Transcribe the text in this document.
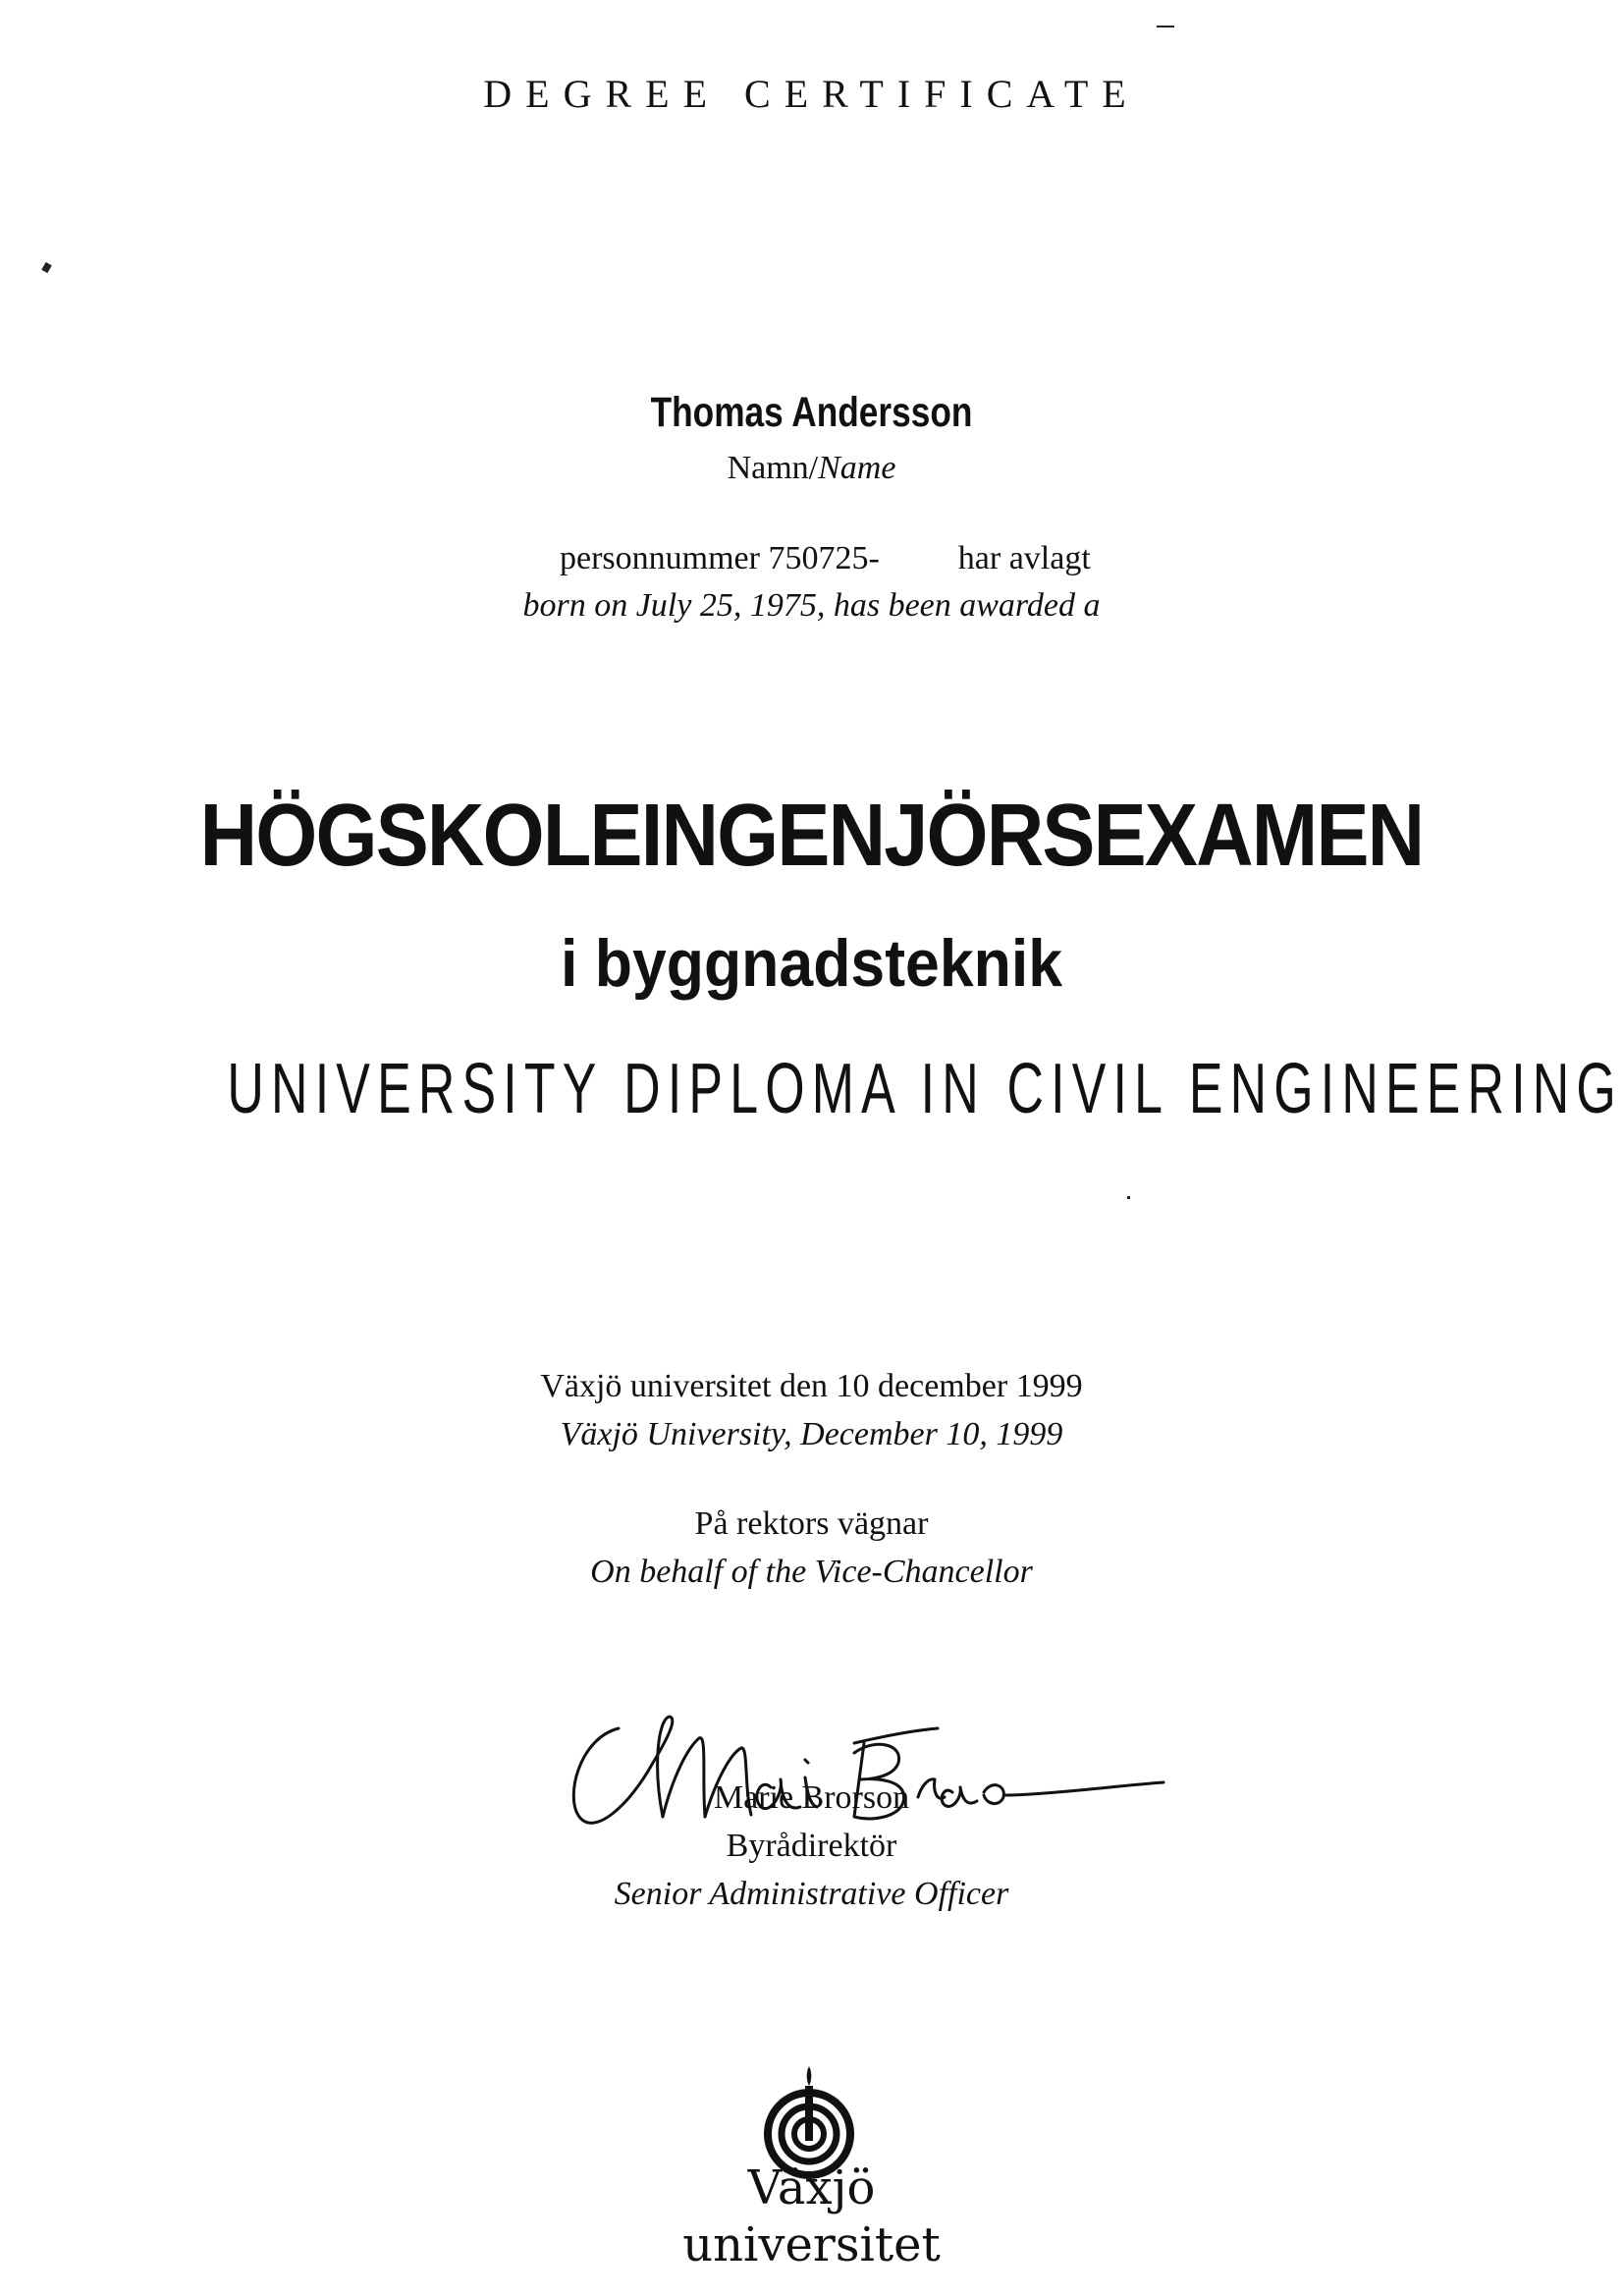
DEGREE CERTIFICATE
Thomas Andersson
Namn/Name
personnummer 750725- har avlagt
born on July 25, 1975, has been awarded a
HÖGSKOLEINGENJÖRSEXAMEN
i byggnadsteknik
UNIVERSITY DIPLOMA IN CIVIL ENGINEERING
Växjö universitet den 10 december 1999
Växjö University, December 10, 1999
På rektors vägnar
On behalf of the Vice-Chancellor
Marie Brorson
Byrådirektör
Senior Administrative Officer
Växjö
universitet
